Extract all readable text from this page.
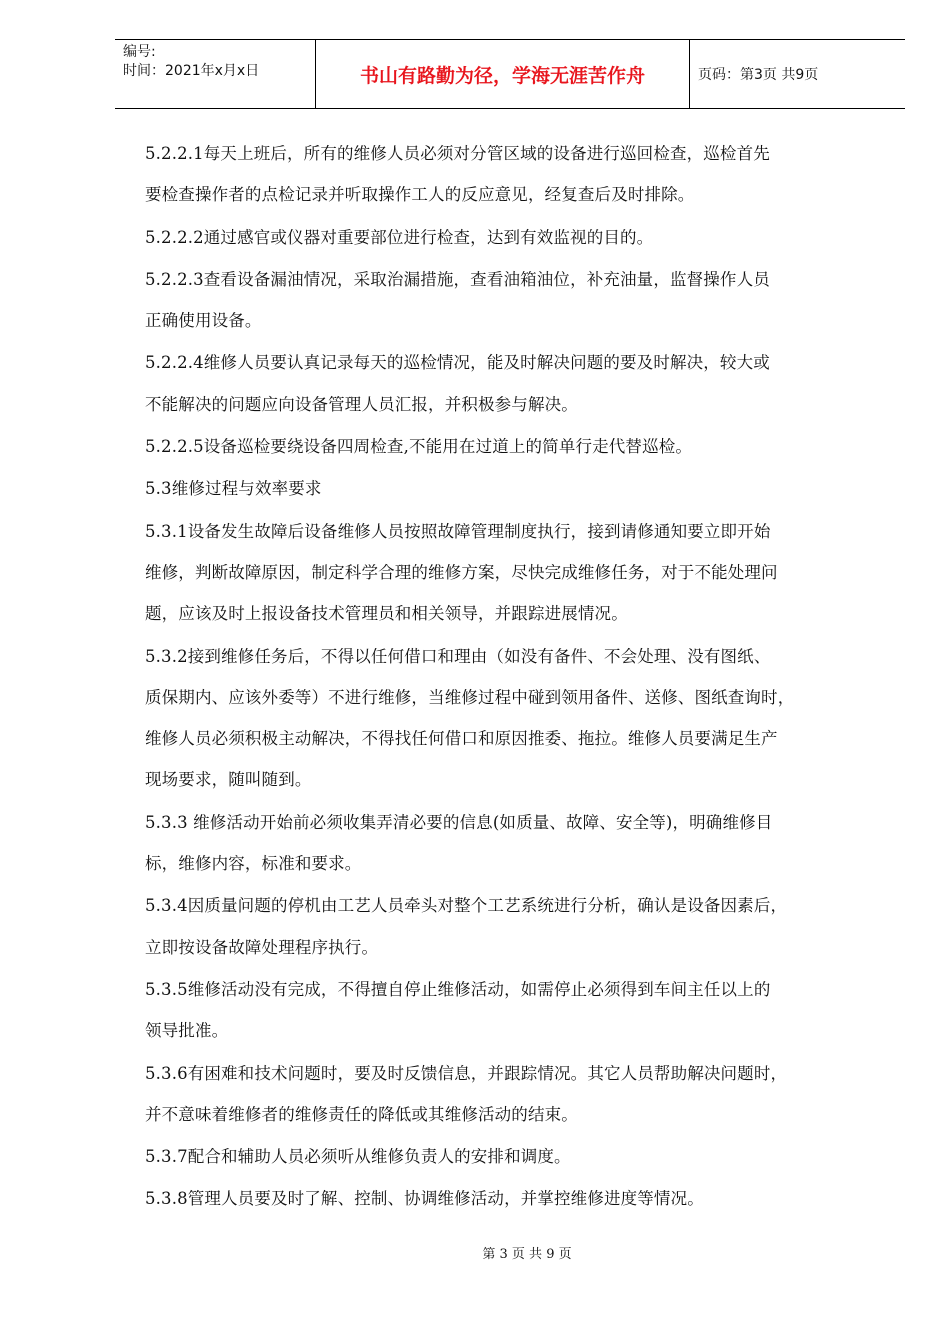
编号:
时间：2021年x月x日	书山有路勤为径，学海无涯苦作舟	页码：第3页 共9页

5.2.2.1每天上班后，所有的维修人员必须对分管区域的设备进行巡回检查，巡检首先
要检查操作者的点检记录并听取操作工人的反应意见，经复查后及时排除。

5.2.2.2通过感官或仪器对重要部位进行检查，达到有效监视的目的。

5.2.2.3查看设备漏油情况，采取治漏措施，查看油箱油位，补充油量，监督操作人员
正确使用设备。

5.2.2.4维修人员要认真记录每天的巡检情况，能及时解决问题的要及时解决，较大或
不能解决的问题应向设备管理人员汇报，并积极参与解决。

5.2.2.5设备巡检要绕设备四周检查,不能用在过道上的简单行走代替巡检。

5.3维修过程与效率要求

5.3.1设备发生故障后设备维修人员按照故障管理制度执行，接到请修通知要立即开始
维修，判断故障原因，制定科学合理的维修方案，尽快完成维修任务，对于不能处理问
题，应该及时上报设备技术管理员和相关领导，并跟踪进展情况。

5.3.2接到维修任务后，不得以任何借口和理由（如没有备件、不会处理、没有图纸、
质保期内、应该外委等）不进行维修，当维修过程中碰到领用备件、送修、图纸查询时，
维修人员必须积极主动解决，不得找任何借口和原因推委、拖拉。维修人员要满足生产
现场要求，随叫随到。

5.3.3 维修活动开始前必须收集弄清必要的信息(如质量、故障、安全等)，明确维修目
标，维修内容，标准和要求。

5.3.4因质量问题的停机由工艺人员牵头对整个工艺系统进行分析，确认是设备因素后，
立即按设备故障处理程序执行。

5.3.5维修活动没有完成，不得擅自停止维修活动，如需停止必须得到车间主任以上的
领导批准。

5.3.6有困难和技术问题时，要及时反馈信息，并跟踪情况。其它人员帮助解决问题时，
并不意味着维修者的维修责任的降低或其维修活动的结束。

5.3.7配合和辅助人员必须听从维修负责人的安排和调度。

5.3.8管理人员要及时了解、控制、协调维修活动，并掌控维修进度等情况。

第 3 页 共 9 页
